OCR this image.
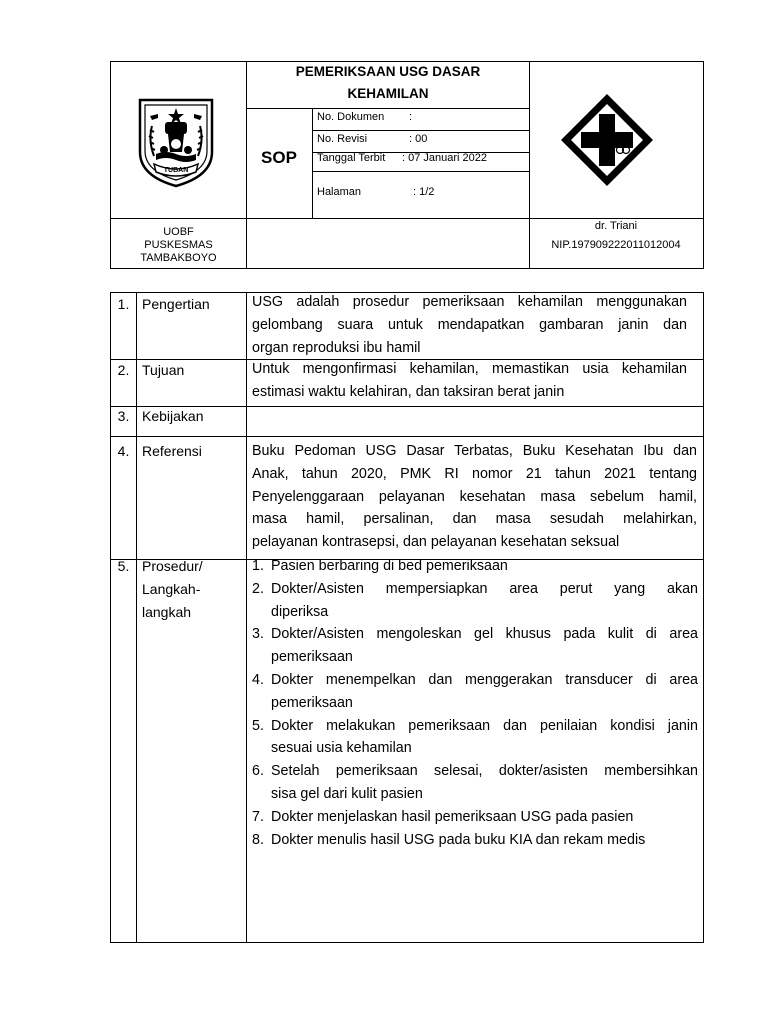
TUBAN
PEMERIKSAAN USG DASAR
KEHAMILAN
SOP
No. Dokumen :
No. Revisi	: 00
Tanggal Terbit : 07 Januari 2022
Halaman	: 1/2
UOBF
PUSKESMAS
TAMBAKBOYO
dr. Triani
NIP.197909222011012004
1. Pengertian	USG adalah prosedur pemeriksaan kehamilan menggunakan
gelombang suara untuk mendapatkan gambaran janin dan
organ reproduksi ibu hamil
2. Tujuan	Untuk mengonfirmasi kehamilan, memastikan usia kehamilan
estimasi waktu kelahiran, dan taksiran berat janin
3. Kebijakan
4. Referensi	Buku Pedoman USG Dasar Terbatas, Buku Kesehatan Ibu dan
Anak, tahun 2020, PMK RI nomor 21 tahun 2021 tentang
Penyelenggaraan pelayanan kesehatan masa sebelum hamil,
masa hamil, persalinan, dan masa sesudah melahirkan,
pelayanan kontrasepsi, dan pelayanan kesehatan seksual
5. Prosedur/
Langkah-
langkah
1. Pasien berbaring di bed pemeriksaan
2. Dokter/Asisten mempersiapkan area perut yang akan
diperiksa
3. Dokter/Asisten mengoleskan gel khusus pada kulit di area
pemeriksaan
4. Dokter menempelkan dan menggerakan transducer di area
pemeriksaan
5. Dokter melakukan pemeriksaan dan penilaian kondisi janin
sesuai usia kehamilan
6. Setelah pemeriksaan selesai, dokter/asisten membersihkan
sisa gel dari kulit pasien
7. Dokter menjelaskan hasil pemeriksaan USG pada pasien
8. Dokter menulis hasil USG pada buku KIA dan rekam medis
